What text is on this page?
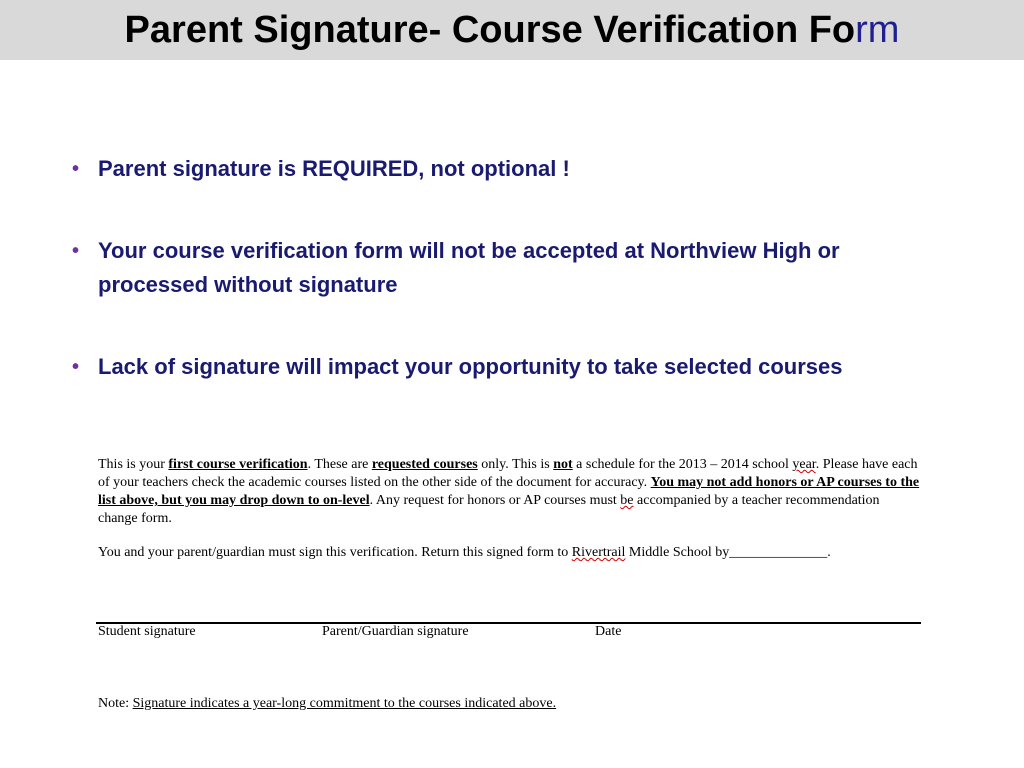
Parent Signature- Course Verification Form
• Parent signature is REQUIRED, not optional !
• Your course verification form will not be accepted at Northview High or processed without signature
• Lack of signature will impact your opportunity to take selected courses

This is your first course verification. These are requested courses only. This is not a schedule for the 2013 – 2014 school year. Please have each of your teachers check the academic courses listed on the other side of the document for accuracy. You may not add honors or AP courses to the list above, but you may drop down to on-level. Any request for honors or AP courses must be accompanied by a teacher recommendation change form.

You and your parent/guardian must sign this verification. Return this signed form to Rivertrail Middle School by______________.

Student signature	Parent/Guardian signature	Date
Note: Signature indicates a year-long commitment to the courses indicated above.
